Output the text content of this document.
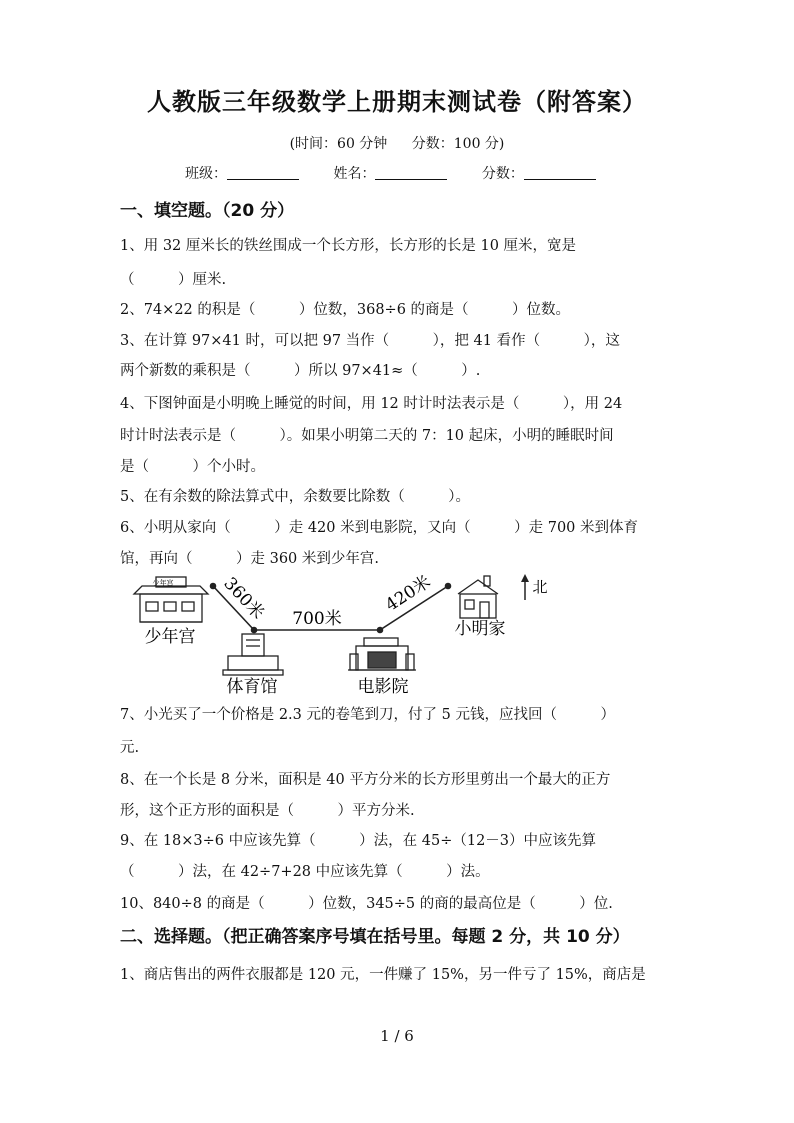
人教版三年级数学上册期末测试卷（附答案）
(时间：60 分钟 分数：100 分)
班级：	姓名：	分数：
一、填空题。（20 分）
1、用 32 厘米长的铁丝围成一个长方形，长方形的长是 10 厘米，宽是
（　　　）厘米.
2、74×22 的积是（　　　）位数，368÷6 的商是（　　　）位数。
3、在计算 97×41 时，可以把 97 当作（　　　），把 41 看作（　　　），这
两个新数的乘积是（　　　）所以 97×41≈（　　　）.
4、下图钟面是小明晚上睡觉的时间，用 12 时计时法表示是（　　　），用 24
时计时法表示是（　　　）。如果小明第二天的 7：10 起床，小明的睡眠时间
是（　　　）个小时。
5、在有余数的除法算式中，余数要比除数（　　　）。
6、小明从家向（　　　）走 420 米到电影院，又向（　　　）走 700 米到体育
馆，再向（　　　）走 360 米到少年宫.
少年宫
少年宫
360米 700米
420米
体育馆	电影院
小明家
北
7、小光买了一个价格是 2.3 元的卷笔到刀，付了 5 元钱，应找回（　　　）
元.
8、在一个长是 8 分米，面积是 40 平方分米的长方形里剪出一个最大的正方
形，这个正方形的面积是（　　　）平方分米.
9、在 18×3÷6 中应该先算（　　　）法，在 45÷（12－3）中应该先算
（　　　）法，在 42÷7+28 中应该先算（　　　）法。
10、840÷8 的商是（　　　）位数，345÷5 的商的最高位是（　　　）位.
二、选择题。（把正确答案序号填在括号里。每题 2 分，共 10 分）
1、商店售出的两件衣服都是 120 元，一件赚了 15%，另一件亏了 15%，商店是
1 / 6
